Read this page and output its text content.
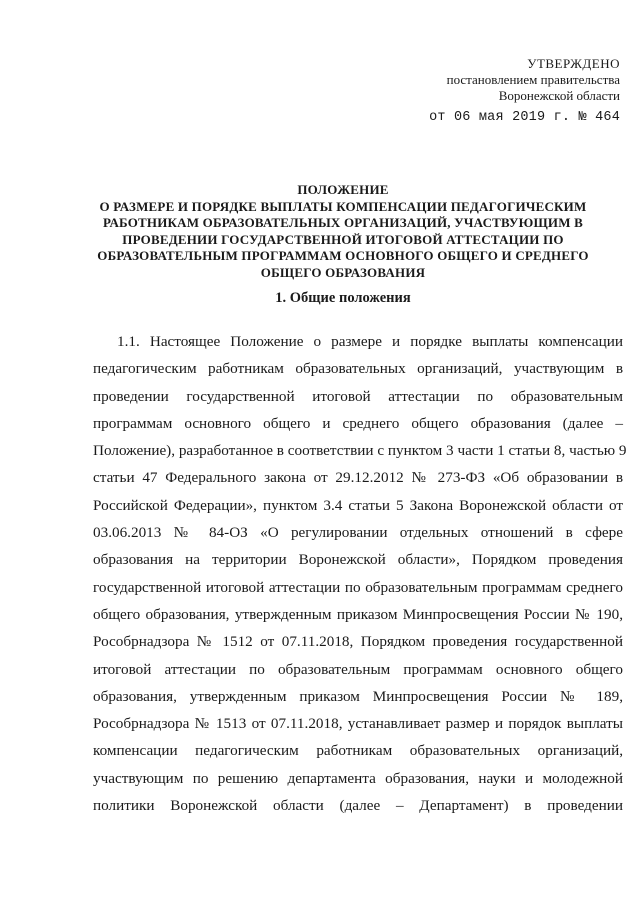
УТВЕРЖДЕНО
постановлением правительства
Воронежской области
от 06 мая 2019 г. № 464
ПОЛОЖЕНИЕ
О РАЗМЕРЕ И ПОРЯДКЕ ВЫПЛАТЫ КОМПЕНСАЦИИ ПЕДАГОГИЧЕСКИМ
РАБОТНИКАМ ОБРАЗОВАТЕЛЬНЫХ ОРГАНИЗАЦИЙ, УЧАСТВУЮЩИМ В
ПРОВЕДЕНИИ ГОСУДАРСТВЕННОЙ ИТОГОВОЙ АТТЕСТАЦИИ ПО
ОБРАЗОВАТЕЛЬНЫМ ПРОГРАММАМ ОСНОВНОГО ОБЩЕГО И СРЕДНЕГО
ОБЩЕГО ОБРАЗОВАНИЯ
1. Общие положения
1.1. Настоящее Положение о размере и порядке выплаты компенсации
педагогическим работникам образовательных организаций, участвующим в
проведении государственной итоговой аттестации по образовательным
программам основного общего и среднего общего образования (далее –
Положение), разработанное в соответствии с пунктом 3 части 1 статьи 8, частью 9
статьи 47 Федерального закона от 29.12.2012 № 273-ФЗ «Об образовании в
Российской Федерации», пунктом 3.4 статьи 5 Закона Воронежской области от
03.06.2013 № 84-ОЗ «О регулировании отдельных отношений в сфере
образования на территории Воронежской области», Порядком проведения
государственной итоговой аттестации по образовательным программам среднего
общего образования, утвержденным приказом Минпросвещения России № 190,
Рособрнадзора № 1512 от 07.11.2018, Порядком проведения государственной
итоговой аттестации по образовательным программам основного общего
образования, утвержденным приказом Минпросвещения России № 189,
Рособрнадзора № 1513 от 07.11.2018, устанавливает размер и порядок выплаты
компенсации педагогическим работникам образовательных организаций,
участвующим по решению департамента образования, науки и молодежной
политики Воронежской области (далее – Департамент) в проведении
